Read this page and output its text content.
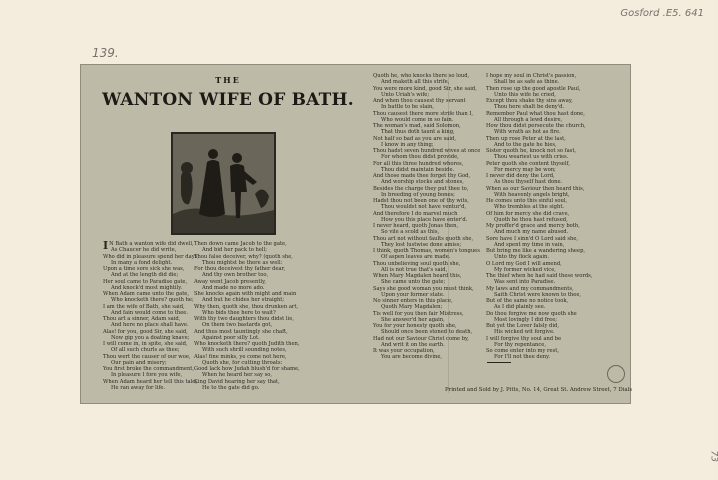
Gosford .E5. 641
139.
73
THE
WANTON WIFE OF BATH.
I N Bath a wanton wife did dwell,
As Chaucer he did write,
Who did in pleasure spend her days;
In many a fond delight.
Upon a time sore sick she was,
And at the length did die;
Her soul came to Paradise gate,
And knock'd most mightily.
When Adam came unto the gate,
Who knocketh there? quoth he;
I am the wife of Bath, she said,
And fain would come to thee.
Thou art a sinner, Adam said,
And here no place shall have.
Alas! for you, good Sir, she said,
Now gip you a doating knave;
I will come in, in spite, she said,
Of all such churls as thee;
Thou wert the causer of our woe,
Our pain and misery;
You first broke the commandment,
In pleasure I fore you wife,
When Adam heard her tell this tale,
He ran away for life.
Then down came Jacob to the gate,
And bid her pack to hell;
Thou false deceiver, why? (quoth she,
Thou mightst be there as well:
For thou deceivest thy father dear,
And thy own brother too,
Away went Jacob presently,
And made no more ado.
She knocks again with might and main
And but he chides her straight;
Why then, quoth she, thou drunken art,
Who bids thee here to wait?
With thy two daughters thou didst lie,
On them two bastards got,
And thus most tauntingly she chaft,
Against poor silly Lot.
Who knocketh there? quoth Judith then,
With such shrill sounding notes,
Alas! fine minks, ye come not here,
Quoth she, for cutting throats:
Good lack how Judah blush'd for shame,
When he heard her say so,
King David hearing her say that,
He to the gate did go.
Quoth he, who knocks there so loud,
And maketh all this strife,
You were more kind, good Sir, she said,
Unto Uriah's wife;
And when thou causest thy servant
In battle to be slain,
Thou causest there more strife than I,
Who would come in so fain.
The woman's mad, said Solomon,
That thus doth taunt a king,
Not half so bad as you are said,
I know in any thing;
Thou hadst seven hundred wives at once
For whom thou didst provide,
For all this three hundred whores,
Thou didst maintain beside.
And those made thee forget thy God,
And worship stocks and stones,
Besides the charge they put thee to,
In breeding of young bones;
Hadst thou not been one of thy wits,
Thou wouldst not have ventur'd,
And therefore I do marvel much
How you this place have enter'd.
I never heard, quoth Jonas then,
So vile a scold as this,
Thou art not without faults quoth she,
They lost lustwise done amiss;
I think, quoth Thomas, women's tongues
Of aspen leaves are made.
Thou unbelieving soul quoth she,
All is not true that's said,
When Mary Magdalen heard this,
She came unto the gate;
Says she good woman you must think,
Upon your former state.
No sinner enters in this place,
Quoth Mary Magdalen;
Tis well for you then fair Mistress,
She answer'd her again,
You for your honesty quoth she,
Should once been stoned to death,
Had not our Saviour Christ come by,
And writ it on the earth.
It was your occupation,
You are become divine,
I hope my soul in Christ's passion,
Shall be as safe as thine.
Then rose up the good apostle Paul,
Unto this wife he cried,
Except thou shake thy sins away,
Thou here shalt be deny'd.
Remember Paul what thou hast done,
All through a lewd desire,
How thou didst persecute the church,
With wrath as hot as fire.
Then up rose Peter at the last,
And to the gate he hies,
Sister quoth he, knock not so fast,
Thou weariest us with cries.
Peter quoth she content thyself,
For mercy may be won;
I never did deny the Lord,
As thou thyself hast done.
When as our Saviour then heard this,
With heavenly angels bright,
He comes unto this sinful soul,
Who trembles at the sight.
Of him for mercy she did crave,
Quoth he thou hast refused,
My proffer'd grace and mercy both,
And much my name abused.
Sore have I sinn'd O Lord said she,
And spent my time in vain,
But bring me like a wandering sheep,
Unto thy flock again.
O Lord my God I will amend,
My former wicked vice,
The thief when he had said these words,
Was sent into Paradise.
My laws and my commandments,
Saith Christ were known to thee,
But of the same no notice took,
As I did plainly see.
Do thou forgive me now quoth she
Most lovingly I did free;
But yet the Lover falsly did,
His wicked wit forgive.
I will forgive thy soul and be
For thy repentance,
So come enter into my rest,
For I'll not thee deny.
Printed and Sold by J. Pitts, No. 14, Great St. Andrew Street, 7 Dials
